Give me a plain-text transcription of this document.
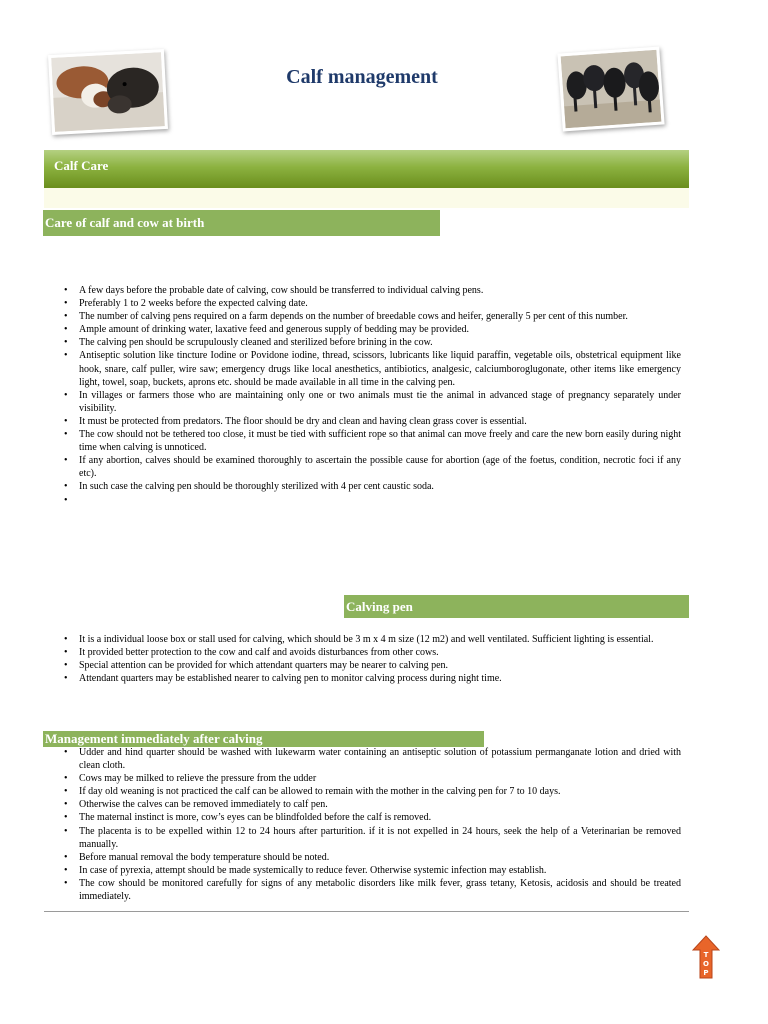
Calf management
Calf Care
Care of calf and cow at birth
• A few days before the probable date of calving, cow should be transferred to individual calving pens.
• Preferably 1 to 2 weeks before the expected calving date.
• The number of calving pens required on a farm depends on the number of breedable cows and heifer, generally 5 per cent of this number.
• Ample amount of drinking water, laxative feed and generous supply of bedding may be provided.
• The calving pen should be scrupulously cleaned and sterilized before brining in the cow.
• Antiseptic solution like tincture Iodine or Povidone iodine, thread, scissors, lubricants like liquid paraffin, vegetable oils, obstetrical equipment like hook, snare, calf puller, wire saw; emergency drugs like local anesthetics, antibiotics, analgesic, calciumboroglugonate, other items like emergency light, towel, soap, buckets, aprons etc. should be made available in all time in the calving pen.
• In villages or farmers those who are maintaining only one or two animals must tie the animal in advanced stage of pregnancy separately under visibility.
• It must be protected from predators. The floor should be dry and clean and having clean grass cover is essential.
• The cow should not be tethered too close, it must be tied with sufficient rope so that animal can move freely and care the new born easily during night time when calving is unnoticed.
• If any abortion, calves should be examined thoroughly to ascertain the possible cause for abortion (age of the foetus, condition, necrotic foci if any etc).
• In such case the calving pen should be thoroughly sterilized with 4 per cent caustic soda.
•
Calving pen
• It is a individual loose box or stall used for calving, which should be 3 m x 4 m size (12 m2) and well ventilated. Sufficient lighting is essential.
• It provided better protection to the cow and calf and avoids disturbances from other cows.
• Special attention can be provided for which attendant quarters may be nearer to calving pen.
• Attendant quarters may be established nearer to calving pen to monitor calving process during night time.
Management immediately after calving
• Udder and hind quarter should be washed with lukewarm water containing an antiseptic solution of potassium permanganate lotion and dried with clean cloth.
• Cows may be milked to relieve the pressure from the udder
• If day old weaning is not practiced the calf can be allowed to remain with the mother in the calving pen for 7 to 10 days.
• Otherwise the calves can be removed immediately to calf pen.
• The maternal instinct is more, cow’s eyes can be blindfolded before the calf is removed.
• The placenta is to be expelled within 12 to 24 hours after parturition. if it is not expelled in 24 hours, seek the help of a Veterinarian be removed manually.
• Before manual removal the body temperature should be noted.
• In case of pyrexia, attempt should be made systemically to reduce fever. Otherwise systemic infection may establish.
• The cow should be monitored carefully for signs of any metabolic disorders like milk fever, grass tetany, Ketosis, acidosis and should be treated immediately.
T
O
P
